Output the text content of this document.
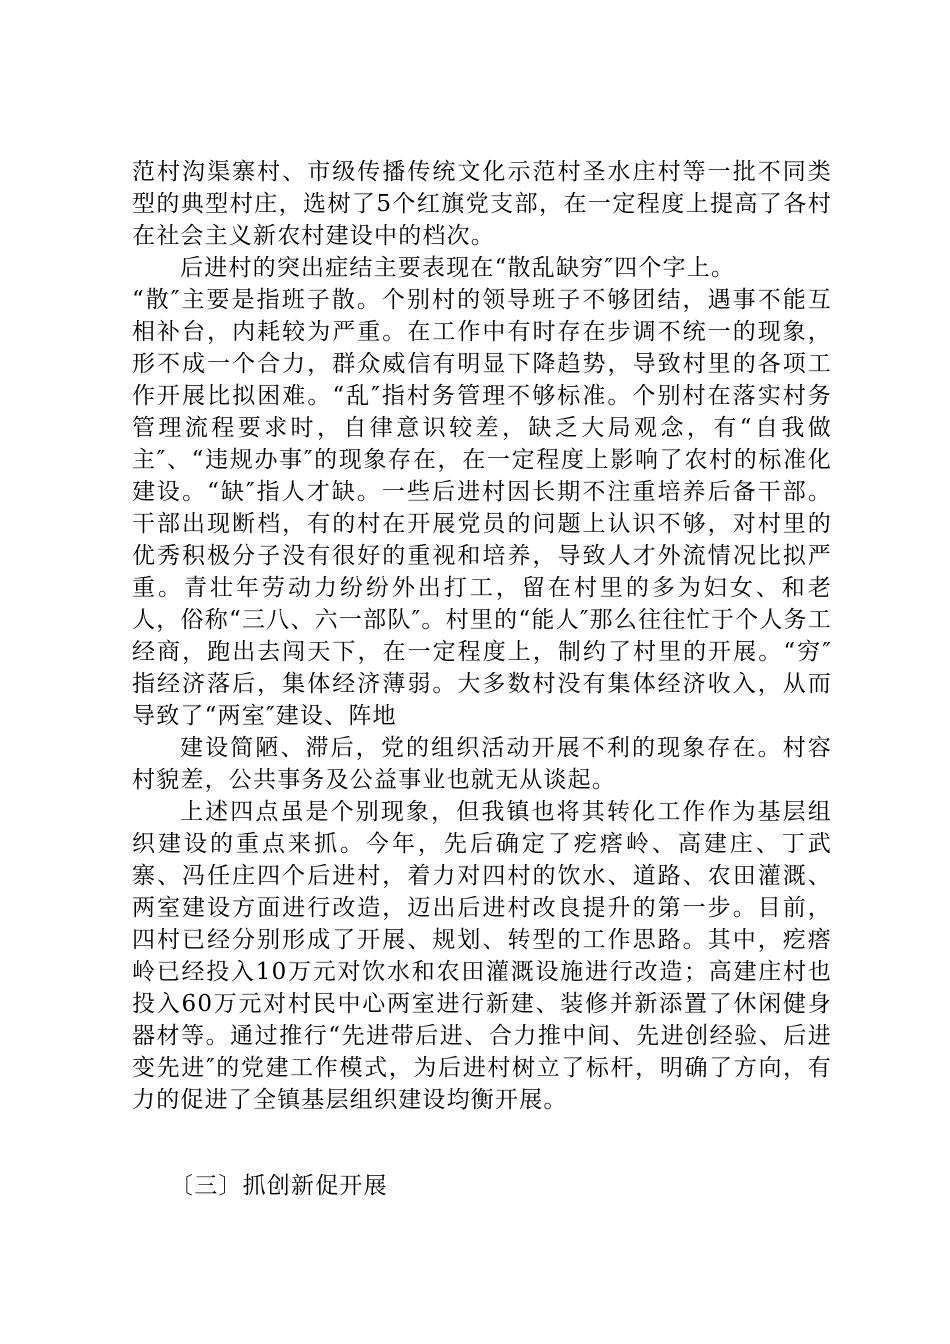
范村沟渠寨村、市级传播传统文化示范村圣水庄村等一批不同类型的典型村庄，选树了5个红旗党支部，在一定程度上提高了各村在社会主义新农村建设中的档次。

后进村的突出症结主要表现在“散乱缺穷″四个字上。

“散″主要是指班子散。个别村的领导班子不够团结，遇事不能互相补台，内耗较为严重。在工作中有时存在步调不统一的现象，形不成一个合力，群众威信有明显下降趋势，导致村里的各项工作开展比拟困难。“乱″指村务管理不够标准。个别村在落实村务管理流程要求时，自律意识较差，缺乏大局观念，有“自我做主″、“违规办事″的现象存在，在一定程度上影响了农村的标准化建设。“缺″指人才缺。一些后进村因长期不注重培养后备干部。干部出现断档，有的村在开展党员的问题上认识不够，对村里的优秀积极分子没有很好的重视和培养，导致人才外流情况比拟严重。青壮年劳动力纷纷外出打工，留在村里的多为妇女、和老人，俗称“三八、六一部队″。村里的“能人″那么往往忙于个人务工经商，跑出去闯天下，在一定程度上，制约了村里的开展。“穷″指经济落后，集体经济薄弱。大多数村没有集体经济收入，从而导致了“两室″建设、阵地

建设简陋、滞后，党的组织活动开展不利的现象存在。村容村貌差，公共事务及公益事业也就无从谈起。

上述四点虽是个别现象，但我镇也将其转化工作作为基层组织建设的重点来抓。今年，先后确定了疙瘩岭、高建庄、丁武寨、冯任庄四个后进村，着力对四村的饮水、道路、农田灌溉、两室建设方面进行改造，迈出后进村改良提升的第一步。目前，四村已经分别形成了开展、规划、转型的工作思路。其中，疙瘩岭已经投入10万元对饮水和农田灌溉设施进行改造；高建庄村也投入60万元对村民中心两室进行新建、装修并新添置了休闲健身器材等。通过推行“先进带后进、合力推中间、先进创经验、后进变先进″的党建工作模式，为后进村树立了标杆，明确了方向，有力的促进了全镇基层组织建设均衡开展。

〔三〕抓创新促开展
